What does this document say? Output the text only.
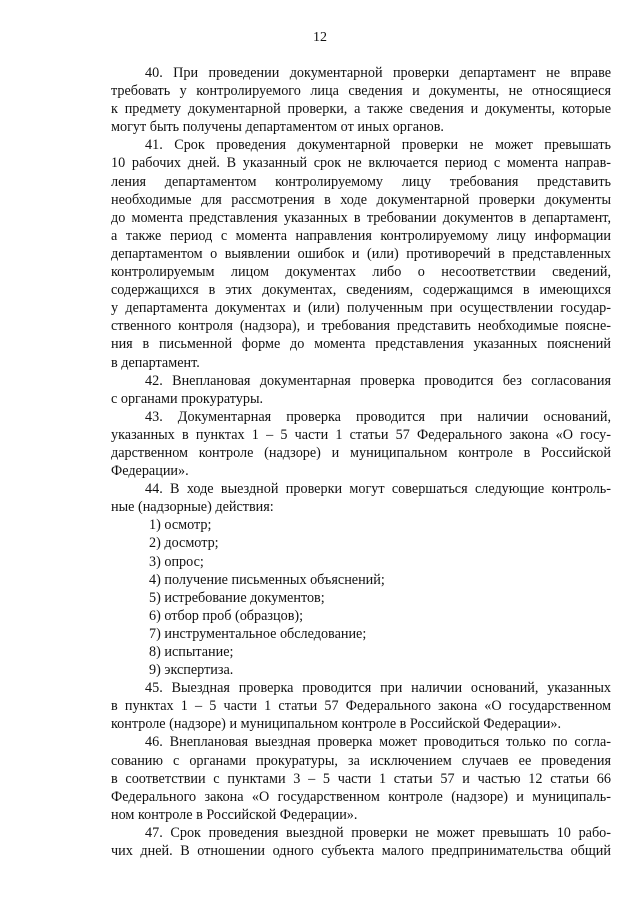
12
40. При проведении документарной проверки департамент не вправе
требовать у контролируемого лица сведения и документы, не относящиеся
к предмету документарной проверки, а также сведения и документы, которые
могут быть получены департаментом от иных органов.
41. Срок проведения документарной проверки не может превышать
10 рабочих дней. В указанный срок не включается период с момента направ-
ления департаментом контролируемому лицу требования представить
необходимые для рассмотрения в ходе документарной проверки документы
до момента представления указанных в требовании документов в департамент,
а также период с момента направления контролируемому лицу информации
департаментом о выявлении ошибок и (или) противоречий в представленных
контролируемым лицом документах либо о несоответствии сведений,
содержащихся в этих документах, сведениям, содержащимся в имеющихся
у департамента документах и (или) полученным при осуществлении государ-
ственного контроля (надзора), и требования представить необходимые поясне-
ния в письменной форме до момента представления указанных пояснений
в департамент.
42. Внеплановая документарная проверка проводится без согласования
с органами прокуратуры.
43. Документарная проверка проводится при наличии оснований,
указанных в пунктах 1 – 5 части 1 статьи 57 Федерального закона «О госу-
дарственном контроле (надзоре) и муниципальном контроле в Российской
Федерации».
44. В ходе выездной проверки могут совершаться следующие контроль-
ные (надзорные) действия:
1) осмотр;
2) досмотр;
3) опрос;
4) получение письменных объяснений;
5) истребование документов;
6) отбор проб (образцов);
7) инструментальное обследование;
8) испытание;
9) экспертиза.
45. Выездная проверка проводится при наличии оснований, указанных
в пунктах 1 – 5 части 1 статьи 57 Федерального закона «О государственном
контроле (надзоре) и муниципальном контроле в Российской Федерации».
46. Внеплановая выездная проверка может проводиться только по согла-
сованию с органами прокуратуры, за исключением случаев ее проведения
в соответствии с пунктами 3 – 5 части 1 статьи 57 и частью 12 статьи 66
Федерального закона «О государственном контроле (надзоре) и муниципаль-
ном контроле в Российской Федерации».
47. Срок проведения выездной проверки не может превышать 10 рабо-
чих дней. В отношении одного субъекта малого предпринимательства общий
